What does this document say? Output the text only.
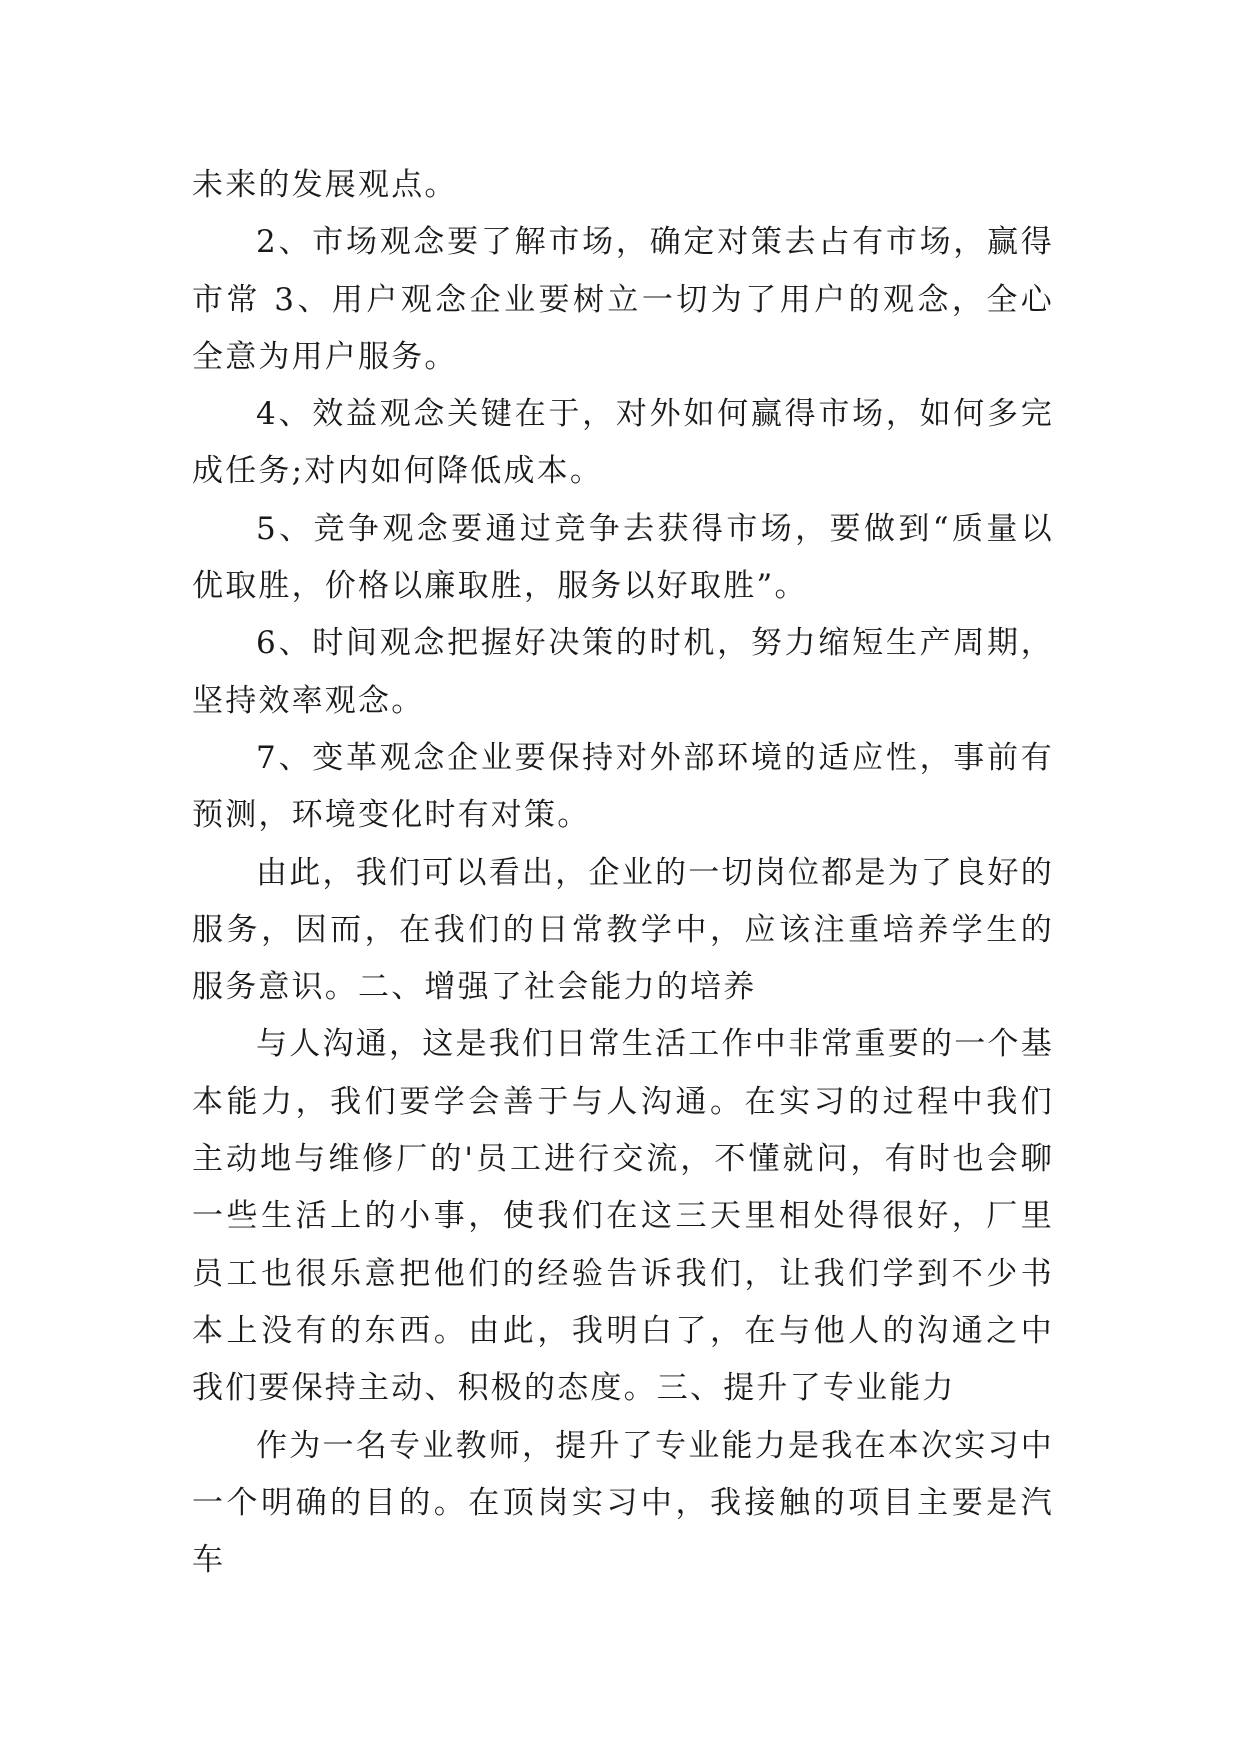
未来的发展观点。

2、市场观念要了解市场，确定对策去占有市场，赢得市常 3、用户观念企业要树立一切为了用户的观念，全心全意为用户服务。

4、效益观念关键在于，对外如何赢得市场，如何多完成任务;对内如何降低成本。

5、竞争观念要通过竞争去获得市场，要做到“质量以优取胜，价格以廉取胜，服务以好取胜”。

6、时间观念把握好决策的时机，努力缩短生产周期，坚持效率观念。

7、变革观念企业要保持对外部环境的适应性，事前有预测，环境变化时有对策。

由此，我们可以看出，企业的一切岗位都是为了良好的服务，因而，在我们的日常教学中，应该注重培养学生的服务意识。二、增强了社会能力的培养

与人沟通，这是我们日常生活工作中非常重要的一个基本能力，我们要学会善于与人沟通。在实习的过程中我们主动地与维修厂的'员工进行交流，不懂就问，有时也会聊一些生活上的小事，使我们在这三天里相处得很好，厂里员工也很乐意把他们的经验告诉我们，让我们学到不少书本上没有的东西。由此，我明白了，在与他人的沟通之中我们要保持主动、积极的态度。三、提升了专业能力

作为一名专业教师，提升了专业能力是我在本次实习中一个明确的目的。在顶岗实习中，我接触的项目主要是汽车
